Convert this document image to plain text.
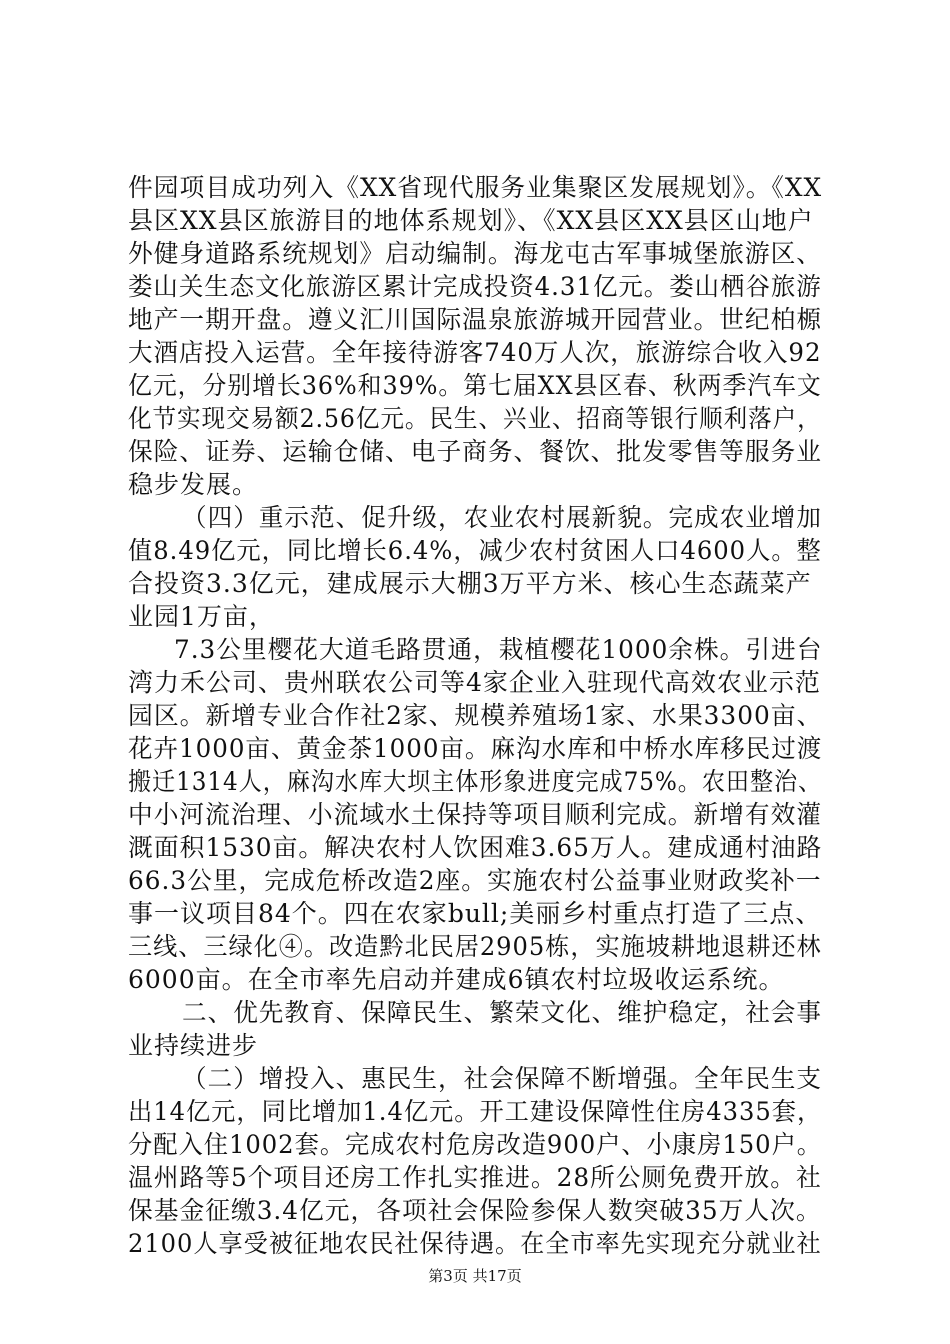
件园项目成功列入《XX省现代服务业集聚区发展规划》。《XX
县区XX县区旅游目的地体系规划》、《XX县区XX县区山地户
外健身道路系统规划》启动编制。海龙屯古军事城堡旅游区、
娄山关生态文化旅游区累计完成投资4.31亿元。娄山栖谷旅游
地产一期开盘。遵义汇川国际温泉旅游城开园营业。世纪柏榞
大酒店投入运营。全年接待游客740万人次，旅游综合收入92
亿元，分别增长36%和39%。第七届XX县区春、秋两季汽车文
化节实现交易额2.56亿元。民生、兴业、招商等银行顺利落户，
保险、证券、运输仓储、电子商务、餐饮、批发零售等服务业
稳步发展。
（四）重示范、促升级，农业农村展新貌。完成农业增加
值8.49亿元，同比增长6.4%，减少农村贫困人口4600人。整
合投资3.3亿元，建成展示大棚3万平方米、核心生态蔬菜产
业园1万亩，
7.3公里樱花大道毛路贯通，栽植樱花1000余株。引进台
湾力禾公司、贵州联农公司等4家企业入驻现代高效农业示范
园区。新增专业合作社2家、规模养殖场1家、水果3300亩、
花卉1000亩、黄金茶1000亩。麻沟水库和中桥水库移民过渡
搬迁1314人，麻沟水库大坝主体形象进度完成75%。农田整治、
中小河流治理、小流域水土保持等项目顺利完成。新增有效灌
溉面积1530亩。解决农村人饮困难3.65万人。建成通村油路
66.3公里，完成危桥改造2座。实施农村公益事业财政奖补一
事一议项目84个。四在农家bull;美丽乡村重点打造了三点、
三线、三绿化④。改造黔北民居2905栋，实施坡耕地退耕还林
6000亩。在全市率先启动并建成6镇农村垃圾收运系统。
二、优先教育、保障民生、繁荣文化、维护稳定，社会事
业持续进步
（二）增投入、惠民生，社会保障不断增强。全年民生支
出14亿元，同比增加1.4亿元。开工建设保障性住房4335套，
分配入住1002套。完成农村危房改造900户、小康房150户。
温州路等5个项目还房工作扎实推进。28所公厕免费开放。社
保基金征缴3.4亿元，各项社会保险参保人数突破35万人次。
2100人享受被征地农民社保待遇。在全市率先实现充分就业社
第3页 共17页
